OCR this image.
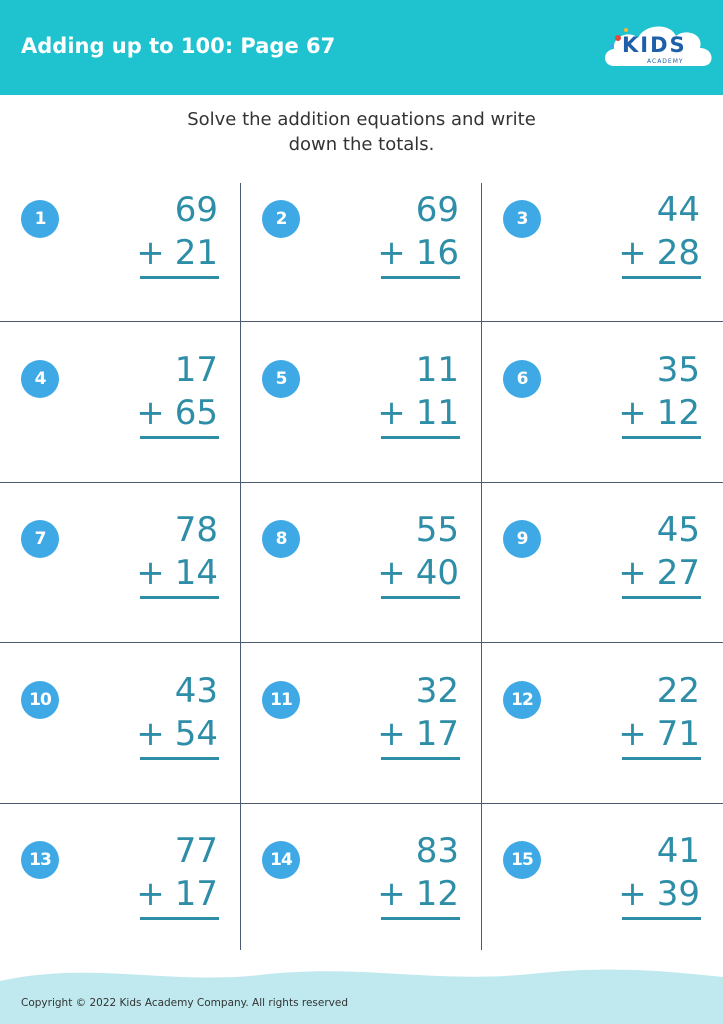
Adding up to 100: Page 67	KIDS
ACADEMY
Solve the addition equations and write
down the totals.
1	69
+ 21
2	69
+ 16
3	44
+ 28
4	17
+ 65
5	11
+ 11
6	35
+ 12
7	78
+ 14
8	55
+ 40
9	45
+ 27
10	43
+ 54
11	32
+ 17
12	22
+ 71
13	77
+ 17
14	83
+ 12
15	41
+ 39
Copyright © 2022 Kids Academy Company. All rights reserved
